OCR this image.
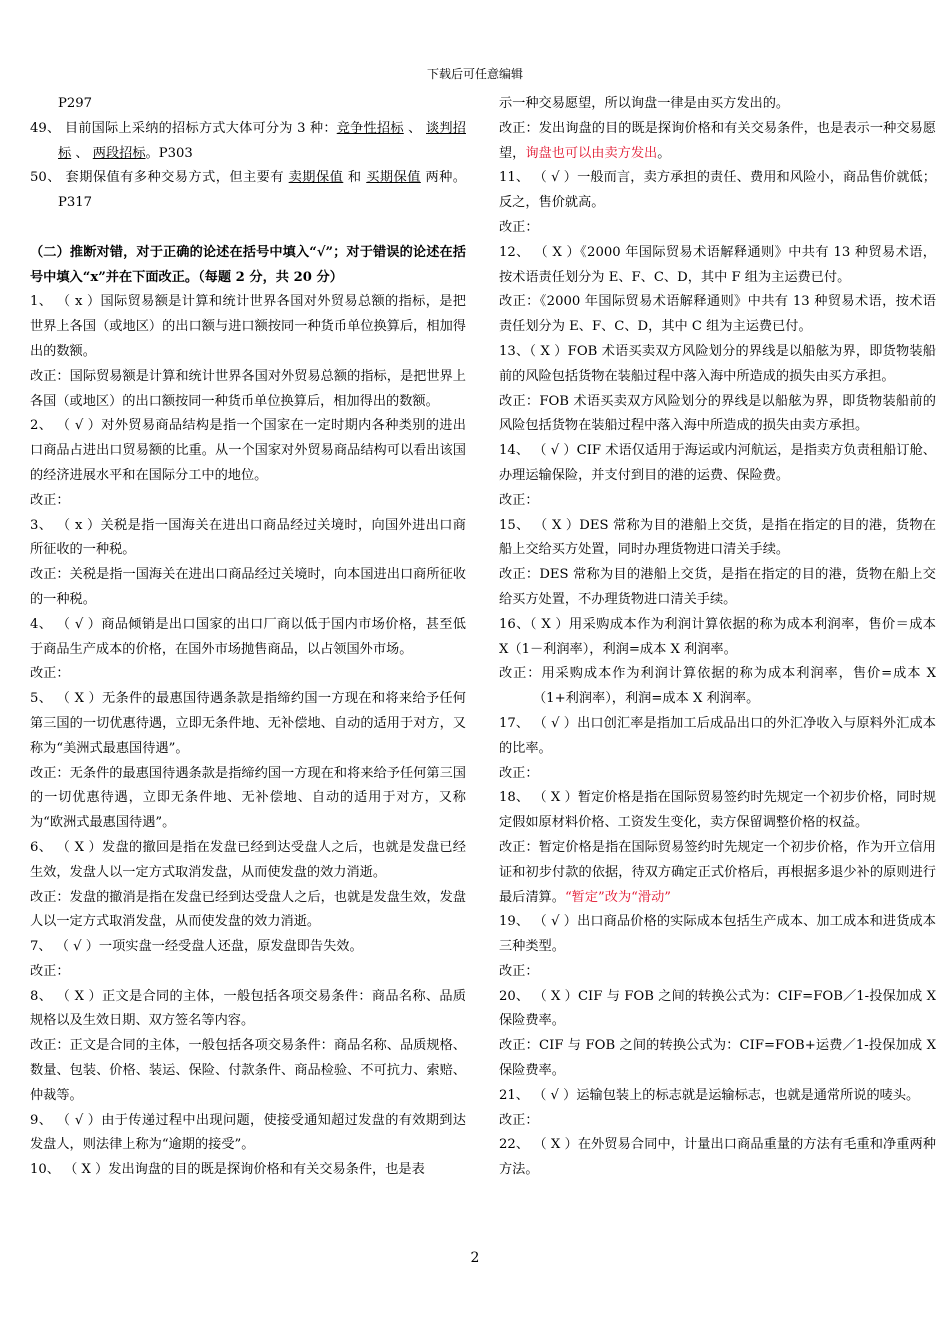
下载后可任意编辑

P297

49、 目前国际上采纳的招标方式大体可分为 3 种：竞争性招标 、 谈判招标 、 两段招标。P303

50、 套期保值有多种交易方式，但主要有 卖期保值 和 买期保值 两种。P317

（二）推断对错，对于正确的论述在括号中填入“√”；对于错误的论述在括号中填入“x”并在下面改正。（每题 2 分，共 20 分）

1、 （ x ）国际贸易额是计算和统计世界各国对外贸易总额的指标，是把世界上各国（或地区）的出口额与进口额按同一种货币单位换算后，相加得出的数额。

改正：国际贸易额是计算和统计世界各国对外贸易总额的指标，是把世界上各国（或地区）的出口额按同一种货币单位换算后，相加得出的数额。

2、 （ √ ）对外贸易商品结构是指一个国家在一定时期内各种类别的进出口商品占进出口贸易额的比重。从一个国家对外贸易商品结构可以看出该国的经济进展水平和在国际分工中的地位。

改正：

3、 （ x ）关税是指一国海关在进出口商品经过关境时，向国外进出口商所征收的一种税。

改正：关税是指一国海关在进出口商品经过关境时，向本国进出口商所征收的一种税。

4、 （ √ ）商品倾销是出口国家的出口厂商以低于国内市场价格，甚至低于商品生产成本的价格，在国外市场抛售商品，以占领国外市场。

改正：

5、 （ X ）无条件的最惠国待遇条款是指缔约国一方现在和将来给予任何第三国的一切优惠待遇，立即无条件地、无补偿地、自动的适用于对方，又称为“美洲式最惠国待遇”。

改正：无条件的最惠国待遇条款是指缔约国一方现在和将来给予任何第三国的一切优惠待遇，立即无条件地、无补偿地、自动的适用于对方，又称为“欧洲式最惠国待遇”。

6、 （ X ）发盘的撤回是指在发盘已经到达受盘人之后，也就是发盘已经生效，发盘人以一定方式取消发盘，从而使发盘的效力消逝。

改正：发盘的撤消是指在发盘已经到达受盘人之后，也就是发盘生效，发盘人以一定方式取消发盘，从而使发盘的效力消逝。

7、 （ √ ）一项实盘一经受盘人还盘，原发盘即告失效。

改正：

8、 （ X ）正文是合同的主体，一般包括各项交易条件：商品名称、品质规格以及生效日期、双方签名等内容。

改正：正文是合同的主体，一般包括各项交易条件：商品名称、品质规格、数量、包装、价格、装运、保险、付款条件、商品检验、不可抗力、索赔、仲裁等。

9、 （ √ ）由于传递过程中出现问题，使接受通知超过发盘的有效期到达发盘人，则法律上称为“逾期的接受”。

10、 （ X ）发出询盘的目的既是探询价格和有关交易条件，也是表

示一种交易愿望，所以询盘一律是由买方发出的。

改正：发出询盘的目的既是探询价格和有关交易条件，也是表示一种交易愿望，询盘也可以由卖方发出。

11、 （ √ ）一般而言，卖方承担的责任、费用和风险小，商品售价就低；反之，售价就高。

改正：

12、 （ X ）《2000 年国际贸易术语解释通则》中共有 13 种贸易术语，按术语责任划分为 E、F、C、D，其中 F 组为主运费已付。

改正：《2000 年国际贸易术语解释通则》中共有 13 种贸易术语，按术语责任划分为 E、F、C、D，其中 C 组为主运费已付。

13、（ X ）FOB 术语买卖双方风险划分的界线是以船舷为界，即货物装船前的风险包括货物在装船过程中落入海中所造成的损失由买方承担。

改正：FOB 术语买卖双方风险划分的界线是以船舷为界，即货物装船前的风险包括货物在装船过程中落入海中所造成的损失由卖方承担。

14、 （ √ ）CIF 术语仅适用于海运或内河航运，是指卖方负责租船订舱、办理运输保险，并支付到目的港的运费、保险费。

改正：

15、 （ X ）DES 常称为目的港船上交货，是指在指定的目的港，货物在船上交给买方处置，同时办理货物进口清关手续。

改正：DES 常称为目的港船上交货，是指在指定的目的港，货物在船上交给买方处置，不办理货物进口清关手续。

16、（ X ）用采购成本作为利润计算依据的称为成本利润率，售价＝成本 X（1－利润率），利润=成本 X 利润率。

改正：用采购成本作为利润计算依据的称为成本利润率，售价=成本 X（1+利润率），利润=成本 X 利润率。

17、 （ √ ）出口创汇率是指加工后成品出口的外汇净收入与原料外汇成本的比率。

改正：

18、 （ X ）暂定价格是指在国际贸易签约时先规定一个初步价格，同时规定假如原材料价格、工资发生变化，卖方保留调整价格的权益。

改正：暂定价格是指在国际贸易签约时先规定一个初步价格，作为开立信用证和初步付款的依据，待双方确定正式价格后，再根据多退少补的原则进行最后清算。“暂定”改为“滑动”

19、 （ √ ）出口商品价格的实际成本包括生产成本、加工成本和进货成本三种类型。

改正：

20、 （ X ）CIF 与 FOB 之间的转换公式为：CIF=FOB／1-投保加成 X 保险费率。

改正：CIF 与 FOB 之间的转换公式为：CIF=FOB+运费／1-投保加成 X 保险费率。

21、 （ √ ）运输包装上的标志就是运输标志，也就是通常所说的唛头。

改正：

22、 （ X ）在外贸易合同中，计量出口商品重量的方法有毛重和净重两种方法。

2
